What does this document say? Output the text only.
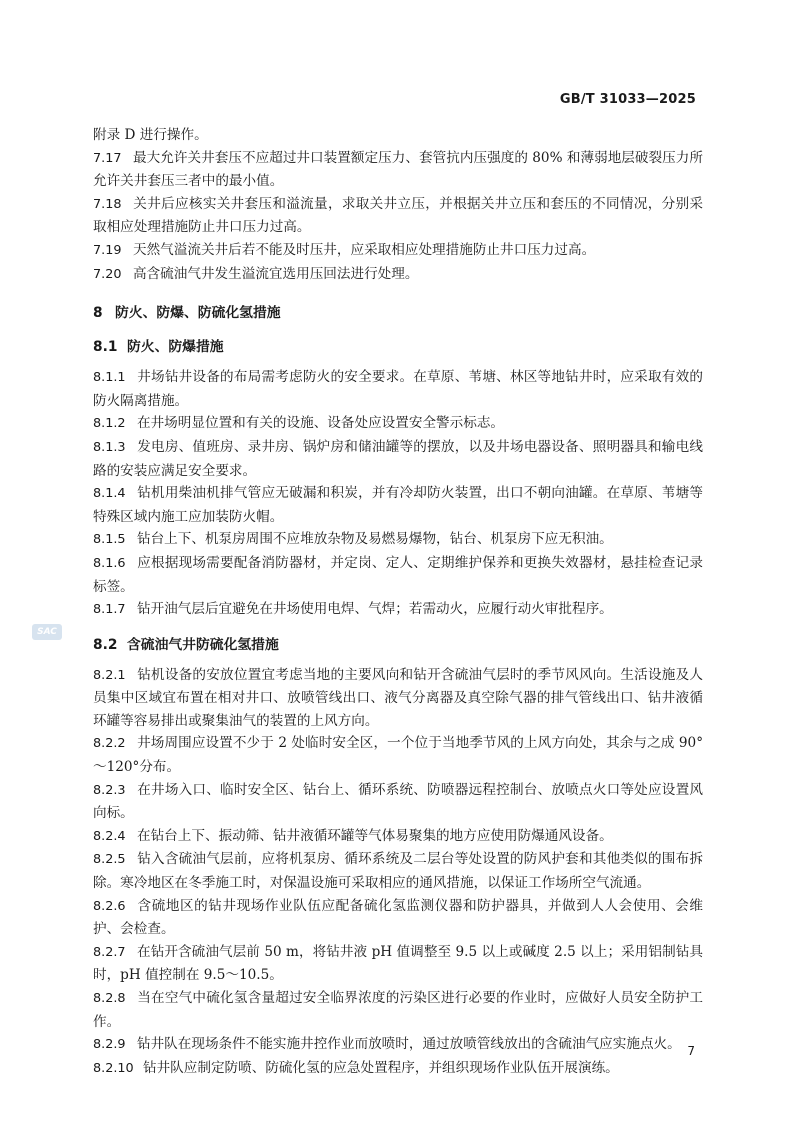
GB/T 31033—2025

附录 D 进行操作。

7.17 最大允许关井套压不应超过井口装置额定压力、套管抗内压强度的 80% 和薄弱地层破裂压力所允许关井套压三者中的最小值。

7.18 关井后应核实关井套压和溢流量，求取关井立压，并根据关井立压和套压的不同情况，分别采取相应处理措施防止井口压力过高。

7.19 天然气溢流关井后若不能及时压井，应采取相应处理措施防止井口压力过高。

7.20 高含硫油气井发生溢流宜选用压回法进行处理。

8 防火、防爆、防硫化氢措施
8.1 防火、防爆措施

8.1.1 井场钻井设备的布局需考虑防火的安全要求。在草原、苇塘、林区等地钻井时，应采取有效的防火隔离措施。

8.1.2 在井场明显位置和有关的设施、设备处应设置安全警示标志。

8.1.3 发电房、值班房、录井房、锅炉房和储油罐等的摆放，以及井场电器设备、照明器具和输电线路的安装应满足安全要求。

8.1.4 钻机用柴油机排气管应无破漏和积炭，并有冷却防火装置，出口不朝向油罐。在草原、苇塘等特殊区域内施工应加装防火帽。

8.1.5 钻台上下、机泵房周围不应堆放杂物及易燃易爆物，钻台、机泵房下应无积油。

8.1.6 应根据现场需要配备消防器材，并定岗、定人、定期维护保养和更换失效器材，悬挂检查记录标签。

8.1.7 钻开油气层后宜避免在井场使用电焊、气焊；若需动火，应履行动火审批程序。

8.2 含硫油气井防硫化氢措施

8.2.1 钻机设备的安放位置宜考虑当地的主要风向和钻开含硫油气层时的季节风风向。生活设施及人员集中区域宜布置在相对井口、放喷管线出口、液气分离器及真空除气器的排气管线出口、钻井液循环罐等容易排出或聚集油气的装置的上风方向。

8.2.2 井场周围应设置不少于 2 处临时安全区，一个位于当地季节风的上风方向处，其余与之成 90°～120°分布。

8.2.3 在井场入口、临时安全区、钻台上、循环系统、防喷器远程控制台、放喷点火口等处应设置风向标。

8.2.4 在钻台上下、振动筛、钻井液循环罐等气体易聚集的地方应使用防爆通风设备。

8.2.5 钻入含硫油气层前，应将机泵房、循环系统及二层台等处设置的防风护套和其他类似的围布拆除。寒冷地区在冬季施工时，对保温设施可采取相应的通风措施，以保证工作场所空气流通。

8.2.6 含硫地区的钻井现场作业队伍应配备硫化氢监测仪器和防护器具，并做到人人会使用、会维护、会检查。

8.2.7 在钻开含硫油气层前 50 m，将钻井液 pH 值调整至 9.5 以上或碱度 2.5 以上；采用铝制钻具时，pH 值控制在 9.5～10.5。

8.2.8 当在空气中硫化氢含量超过安全临界浓度的污染区进行必要的作业时，应做好人员安全防护工作。

8.2.9 钻井队在现场条件不能实施井控作业而放喷时，通过放喷管线放出的含硫油气应实施点火。

8.2.10 钻井队应制定防喷、防硫化氢的应急处置程序，并组织现场作业队伍开展演练。

SAC
7
